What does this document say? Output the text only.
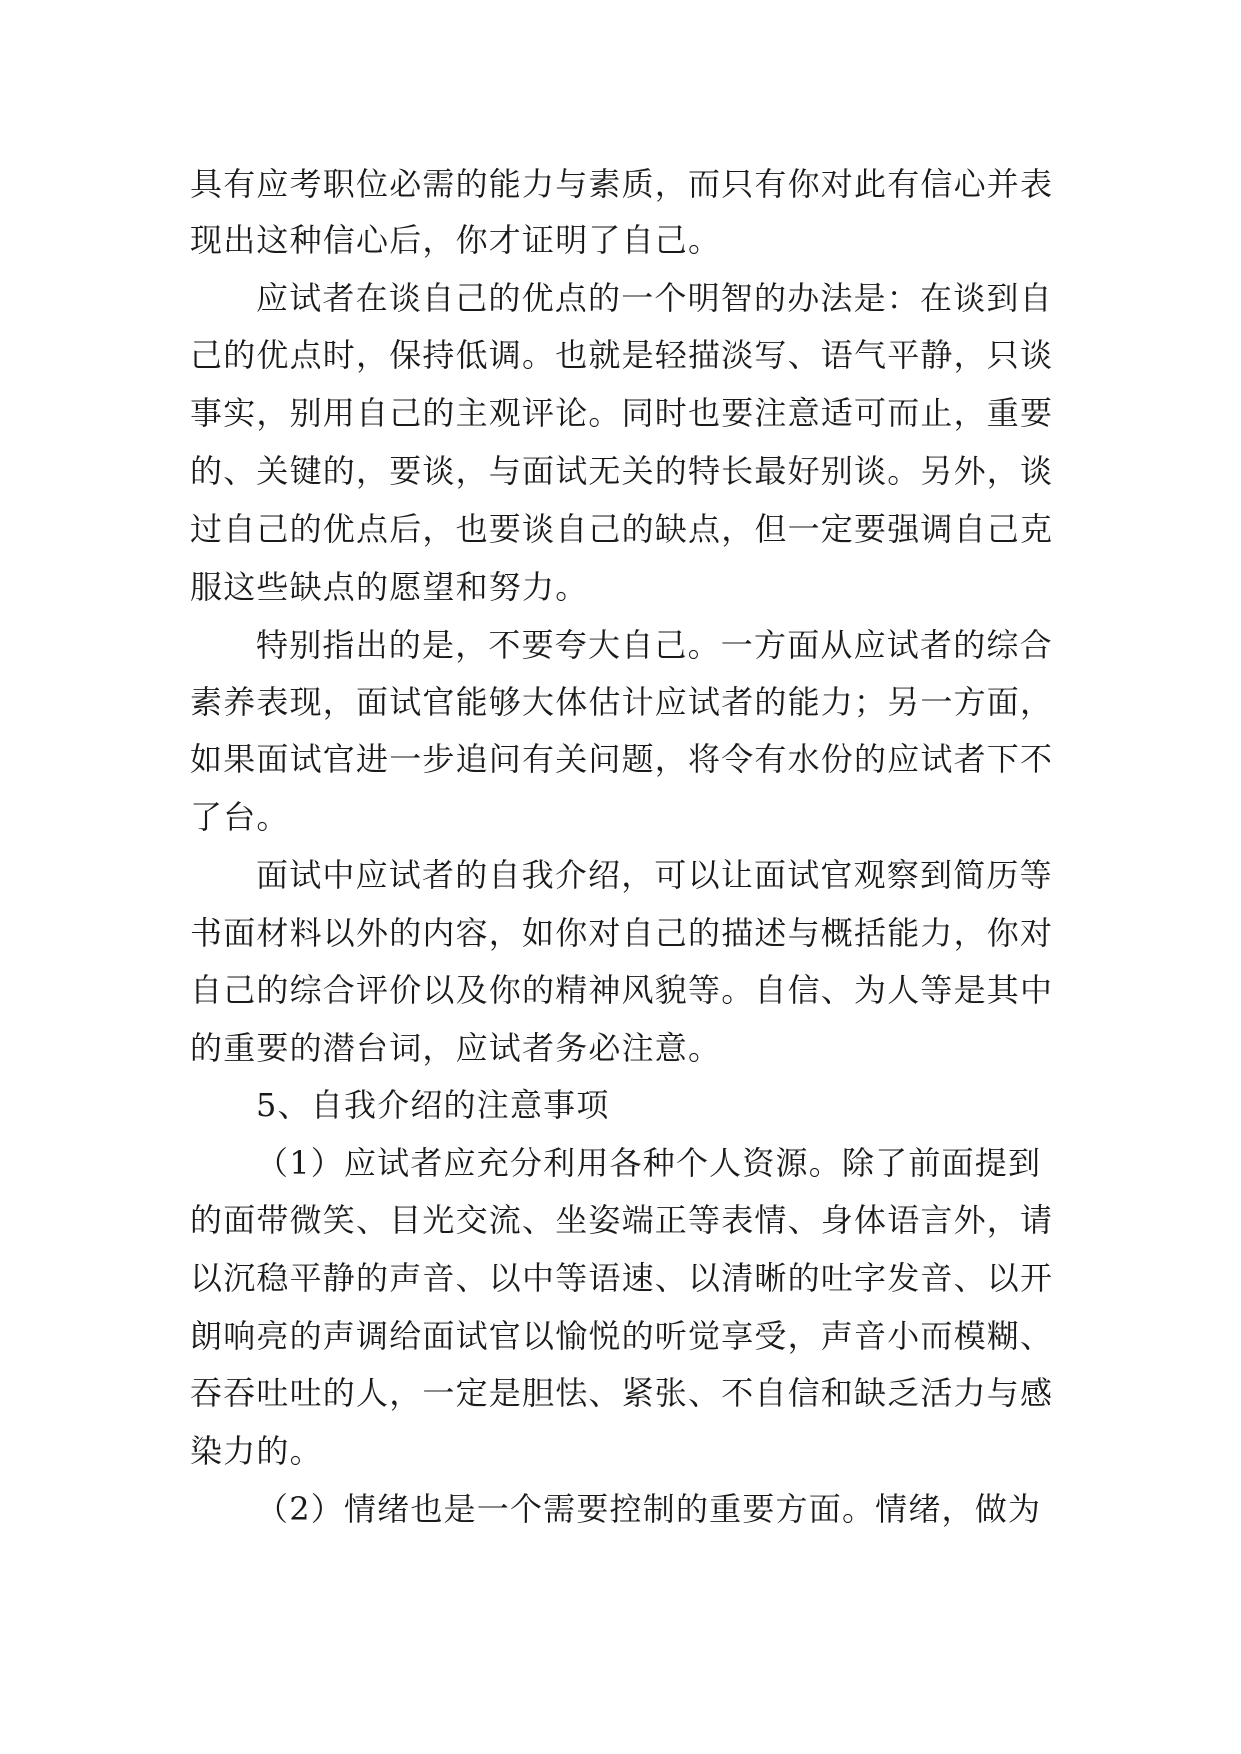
具有应考职位必需的能力与素质，而只有你对此有信心并表
现出这种信心后，你才证明了自己。
应试者在谈自己的优点的一个明智的办法是：在谈到自
己的优点时，保持低调。也就是轻描淡写、语气平静，只谈
事实，别用自己的主观评论。同时也要注意适可而止，重要
的、关键的，要谈，与面试无关的特长最好别谈。另外，谈
过自己的优点后，也要谈自己的缺点，但一定要强调自己克
服这些缺点的愿望和努力。
特别指出的是，不要夸大自己。一方面从应试者的综合
素养表现，面试官能够大体估计应试者的能力；另一方面，
如果面试官进一步追问有关问题，将令有水份的应试者下不
了台。
面试中应试者的自我介绍，可以让面试官观察到简历等
书面材料以外的内容，如你对自己的描述与概括能力，你对
自己的综合评价以及你的精神风貌等。自信、为人等是其中
的重要的潜台词，应试者务必注意。
5、自我介绍的注意事项
（1）应试者应充分利用各种个人资源。除了前面提到
的面带微笑、目光交流、坐姿端正等表情、身体语言外，请
以沉稳平静的声音、以中等语速、以清晰的吐字发音、以开
朗响亮的声调给面试官以愉悦的听觉享受，声音小而模糊、
吞吞吐吐的人，一定是胆怯、紧张、不自信和缺乏活力与感
染力的。
（2）情绪也是一个需要控制的重要方面。情绪，做为
